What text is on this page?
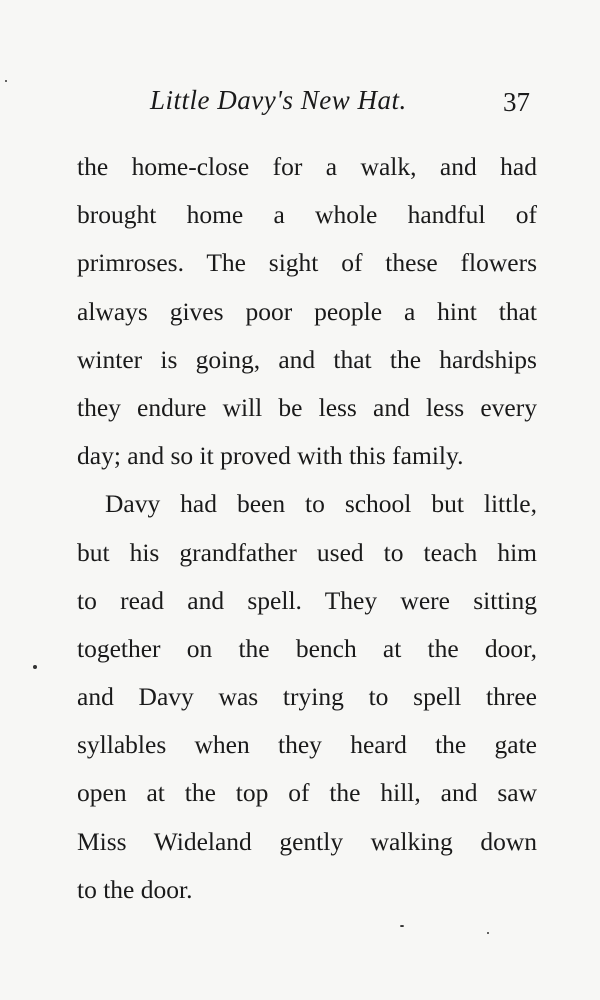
Little Davy's New Hat.	37
the home-close for a walk, and had
brought home a whole handful of
primroses. The sight of these flowers
always gives poor people a hint that
winter is going, and that the hardships
they endure will be less and less every
day; and so it proved with this family.
Davy had been to school but little,
but his grandfather used to teach him
to read and spell. They were sitting
together on the bench at the door,
and Davy was trying to spell three
syllables when they heard the gate
open at the top of the hill, and saw
Miss Wideland gently walking down
to the door.
